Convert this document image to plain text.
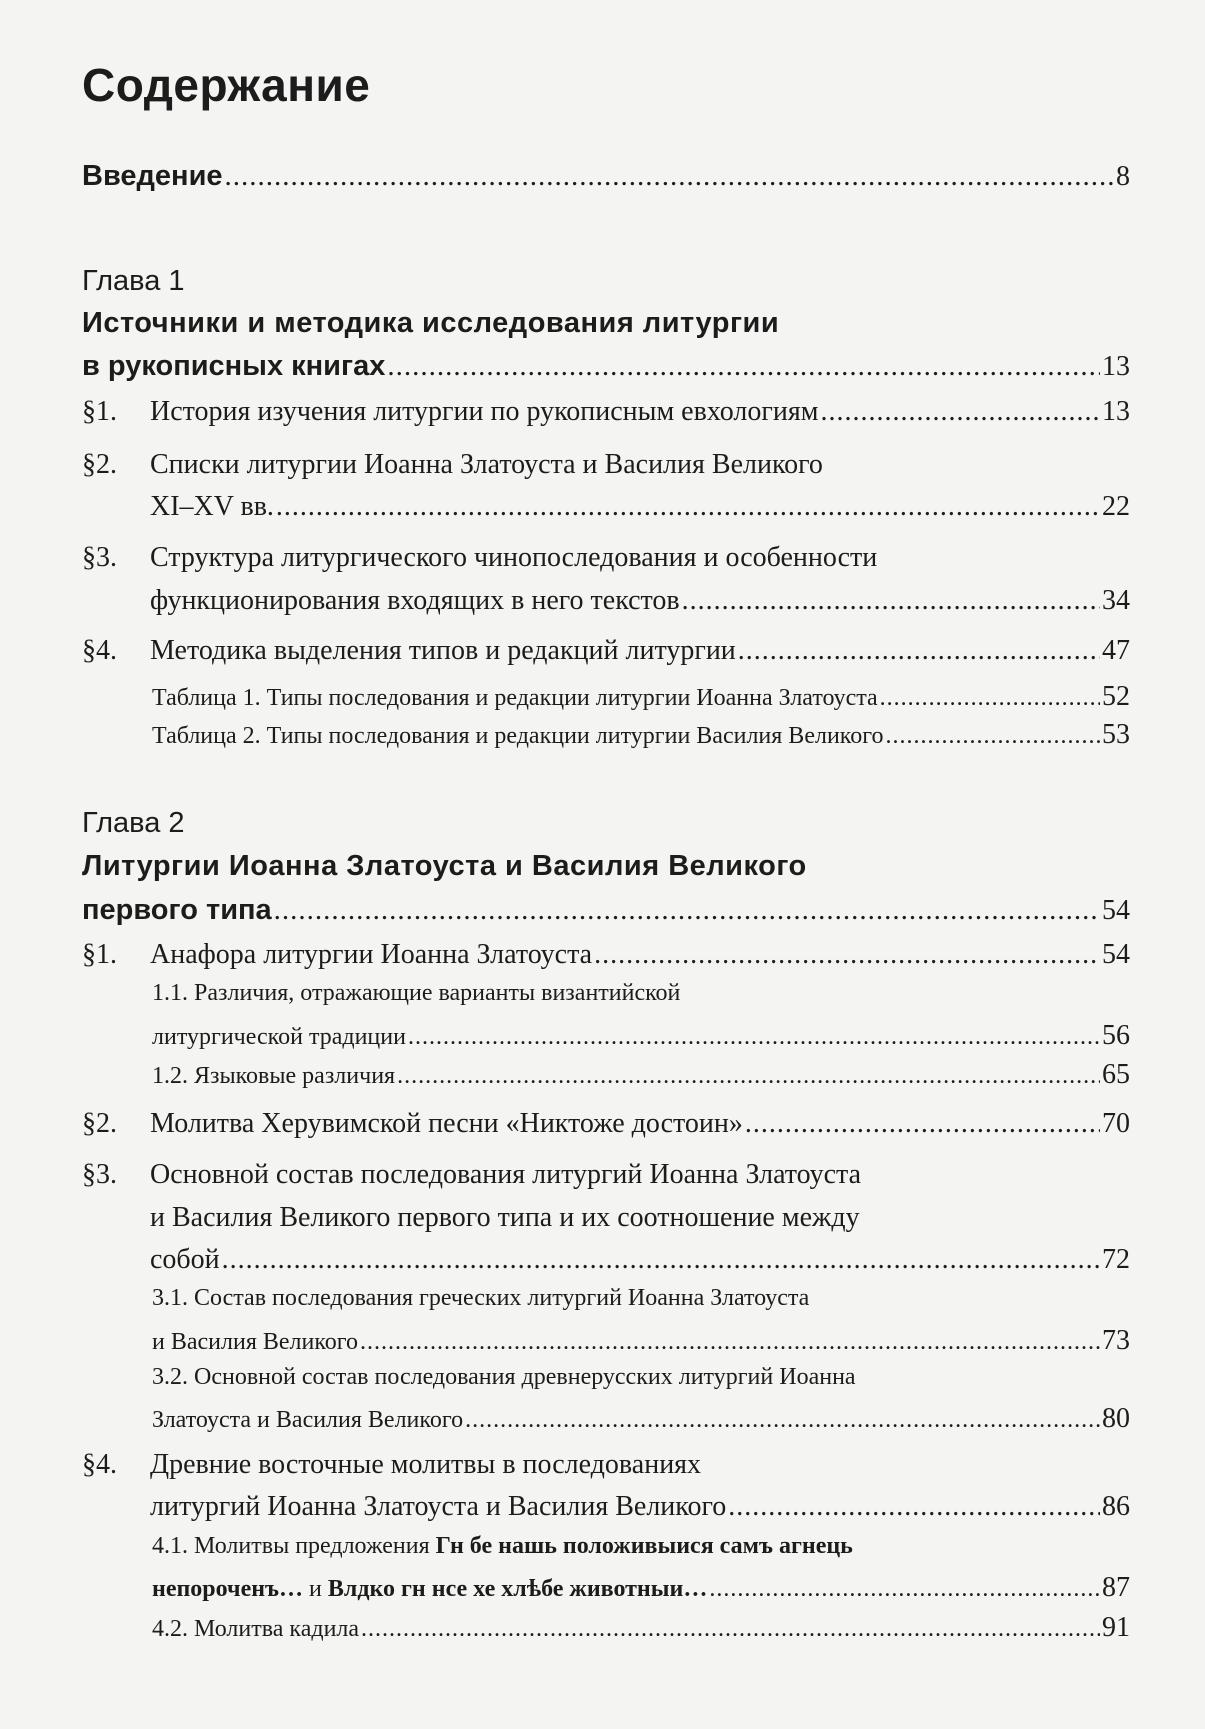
Содержание
Введение .....	8
Глава 1
Источники и методика исследования литургии
в рукописных книгах .....	13
§1. История изучения литургии по рукописным евхологиям .....	13
§2. Списки литургии Иоанна Златоуста и Василия Великого
XI–XV вв. .....	22
§3. Структура литургического чинопоследования и особенности
функционирования входящих в него текстов .....	34
§4. Методика выделения типов и редакций литургии .....	47
Таблица 1. Типы последования и редакции литургии Иоанна Златоуста .....	52
Таблица 2. Типы последования и редакции литургии Василия Великого .....	53
Глава 2
Литургии Иоанна Златоуста и Василия Великого
первого типа .....	54
§1. Анафора литургии Иоанна Златоуста .....	54
1.1. Различия, отражающие варианты византийской
литургической традиции .....	56
1.2. Языковые различия .....	65
§2. Молитва Херувимской песни «Никтоже достоин» .....	70
§3. Основной состав последования литургий Иоанна Златоуста
и Василия Великого первого типа и их соотношение между
собой .....	72
3.1. Состав последования греческих литургий Иоанна Златоуста
и Василия Великого .....	73
3.2. Основной состав последования древнерусских литургий Иоанна
Златоуста и Василия Великого .....	80
§4. Древние восточные молитвы в последованиях
литургий Иоанна Златоуста и Василия Великого .....	86
4.1. Молитвы предложения Гн бе нашь положивыися самъ агнець
непороченъ… и Влдко гн нсе хе хлѣбе животныи… .....	87
4.2. Молитва кадила .....	91
